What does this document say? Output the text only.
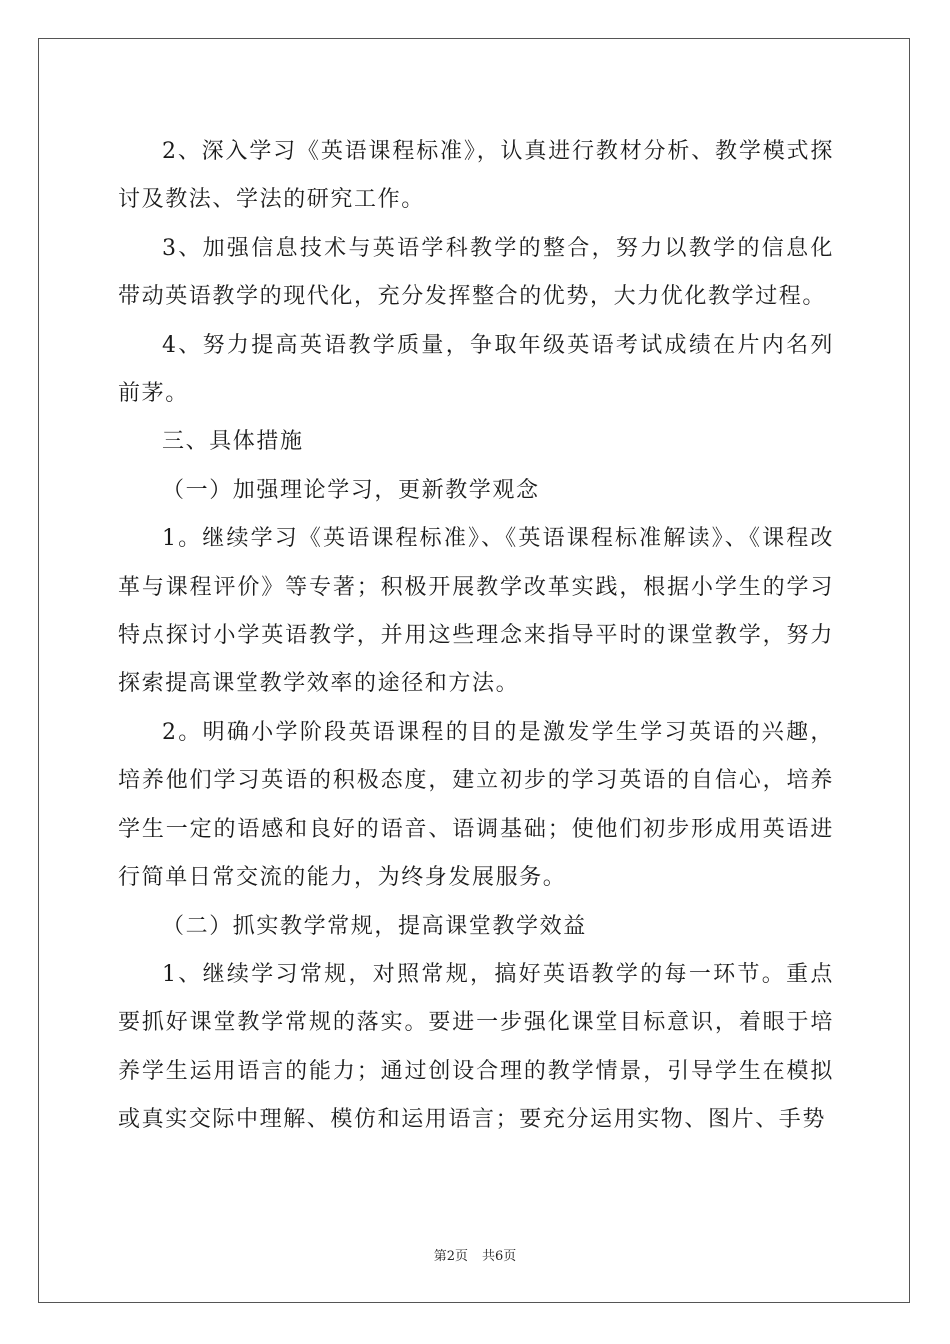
2、深入学习《英语课程标准》，认真进行教材分析、教学模式探讨及教法、学法的研究工作。

3、加强信息技术与英语学科教学的整合，努力以教学的信息化带动英语教学的现代化，充分发挥整合的优势，大力优化教学过程。

4、努力提高英语教学质量，争取年级英语考试成绩在片内名列前茅。

三、具体措施

（一）加强理论学习，更新教学观念

1。继续学习《英语课程标准》、《英语课程标准解读》、《课程改革与课程评价》等专著；积极开展教学改革实践，根据小学生的学习特点探讨小学英语教学，并用这些理念来指导平时的课堂教学，努力探索提高课堂教学效率的途径和方法。

2。明确小学阶段英语课程的目的是激发学生学习英语的兴趣，培养他们学习英语的积极态度，建立初步的学习英语的自信心，培养学生一定的语感和良好的语音、语调基础；使他们初步形成用英语进行简单日常交流的能力，为终身发展服务。

（二）抓实教学常规，提高课堂教学效益

1、继续学习常规，对照常规，搞好英语教学的每一环节。重点要抓好课堂教学常规的落实。要进一步强化课堂目标意识，着眼于培养学生运用语言的能力；通过创设合理的教学情景，引导学生在模拟或真实交际中理解、模仿和运用语言；要充分运用实物、图片、手势

第2页 共6页
